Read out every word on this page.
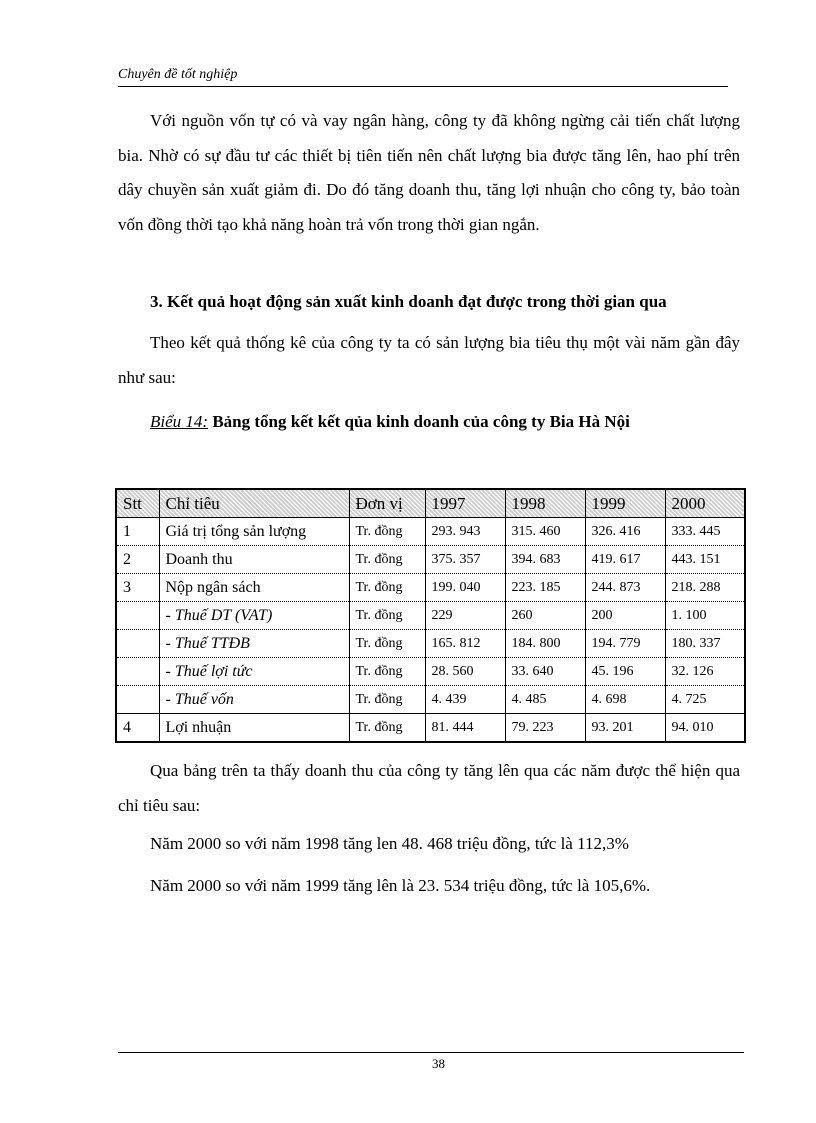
Chuyên đề tốt nghiệp

Với nguồn vốn tự có và vay ngân hàng, công ty đã không ngừng cải tiến chất lượng bia. Nhờ có sự đầu tư các thiết bị tiên tiến nên chất lượng bia được tăng lên, hao phí trên dây chuyền sản xuất giảm đi. Do đó tăng doanh thu, tăng lợi nhuận cho công ty, bảo toàn vốn đồng thời tạo khả năng hoàn trả vốn trong thời gian ngắn.

3. Kết quả hoạt động sản xuất kinh doanh đạt được trong thời gian qua

Theo kết quả thống kê của công ty ta có sản lượng bia tiêu thụ một vài năm gần đây như sau:

Biểu 14: Bảng tổng kết kết qủa kinh doanh của công ty Bia Hà Nội
Stt	Chỉ tiêu	Đơn vị	1997	1998	1999	2000
1	Giá trị tổng sản lượng	Tr. đồng	293. 943	315. 460	326. 416	333. 445
2	Doanh thu	Tr. đồng	375. 357	394. 683	419. 617	443. 151
3	Nộp ngân sách	Tr. đồng	199. 040	223. 185	244. 873	218. 288
	- Thuế DT (VAT)	Tr. đồng	229	260	200	1. 100
	- Thuế TTĐB	Tr. đồng	165. 812	184. 800	194. 779	180. 337
	- Thuế lợi tức	Tr. đồng	28. 560	33. 640	45. 196	32. 126
	- Thuế vốn	Tr. đồng	4. 439	4. 485	4. 698	4. 725
4	Lợi nhuận	Tr. đồng	81. 444	79. 223	93. 201	94. 010

Qua bảng trên ta thấy doanh thu của công ty tăng lên qua các năm được thể hiện qua chỉ tiêu sau:

Năm 2000 so với năm 1998 tăng len 48. 468 triệu đồng, tức là 112,3%
Năm 2000 so với năm 1999 tăng lên là 23. 534 triệu đồng, tức là 105,6%.
38
